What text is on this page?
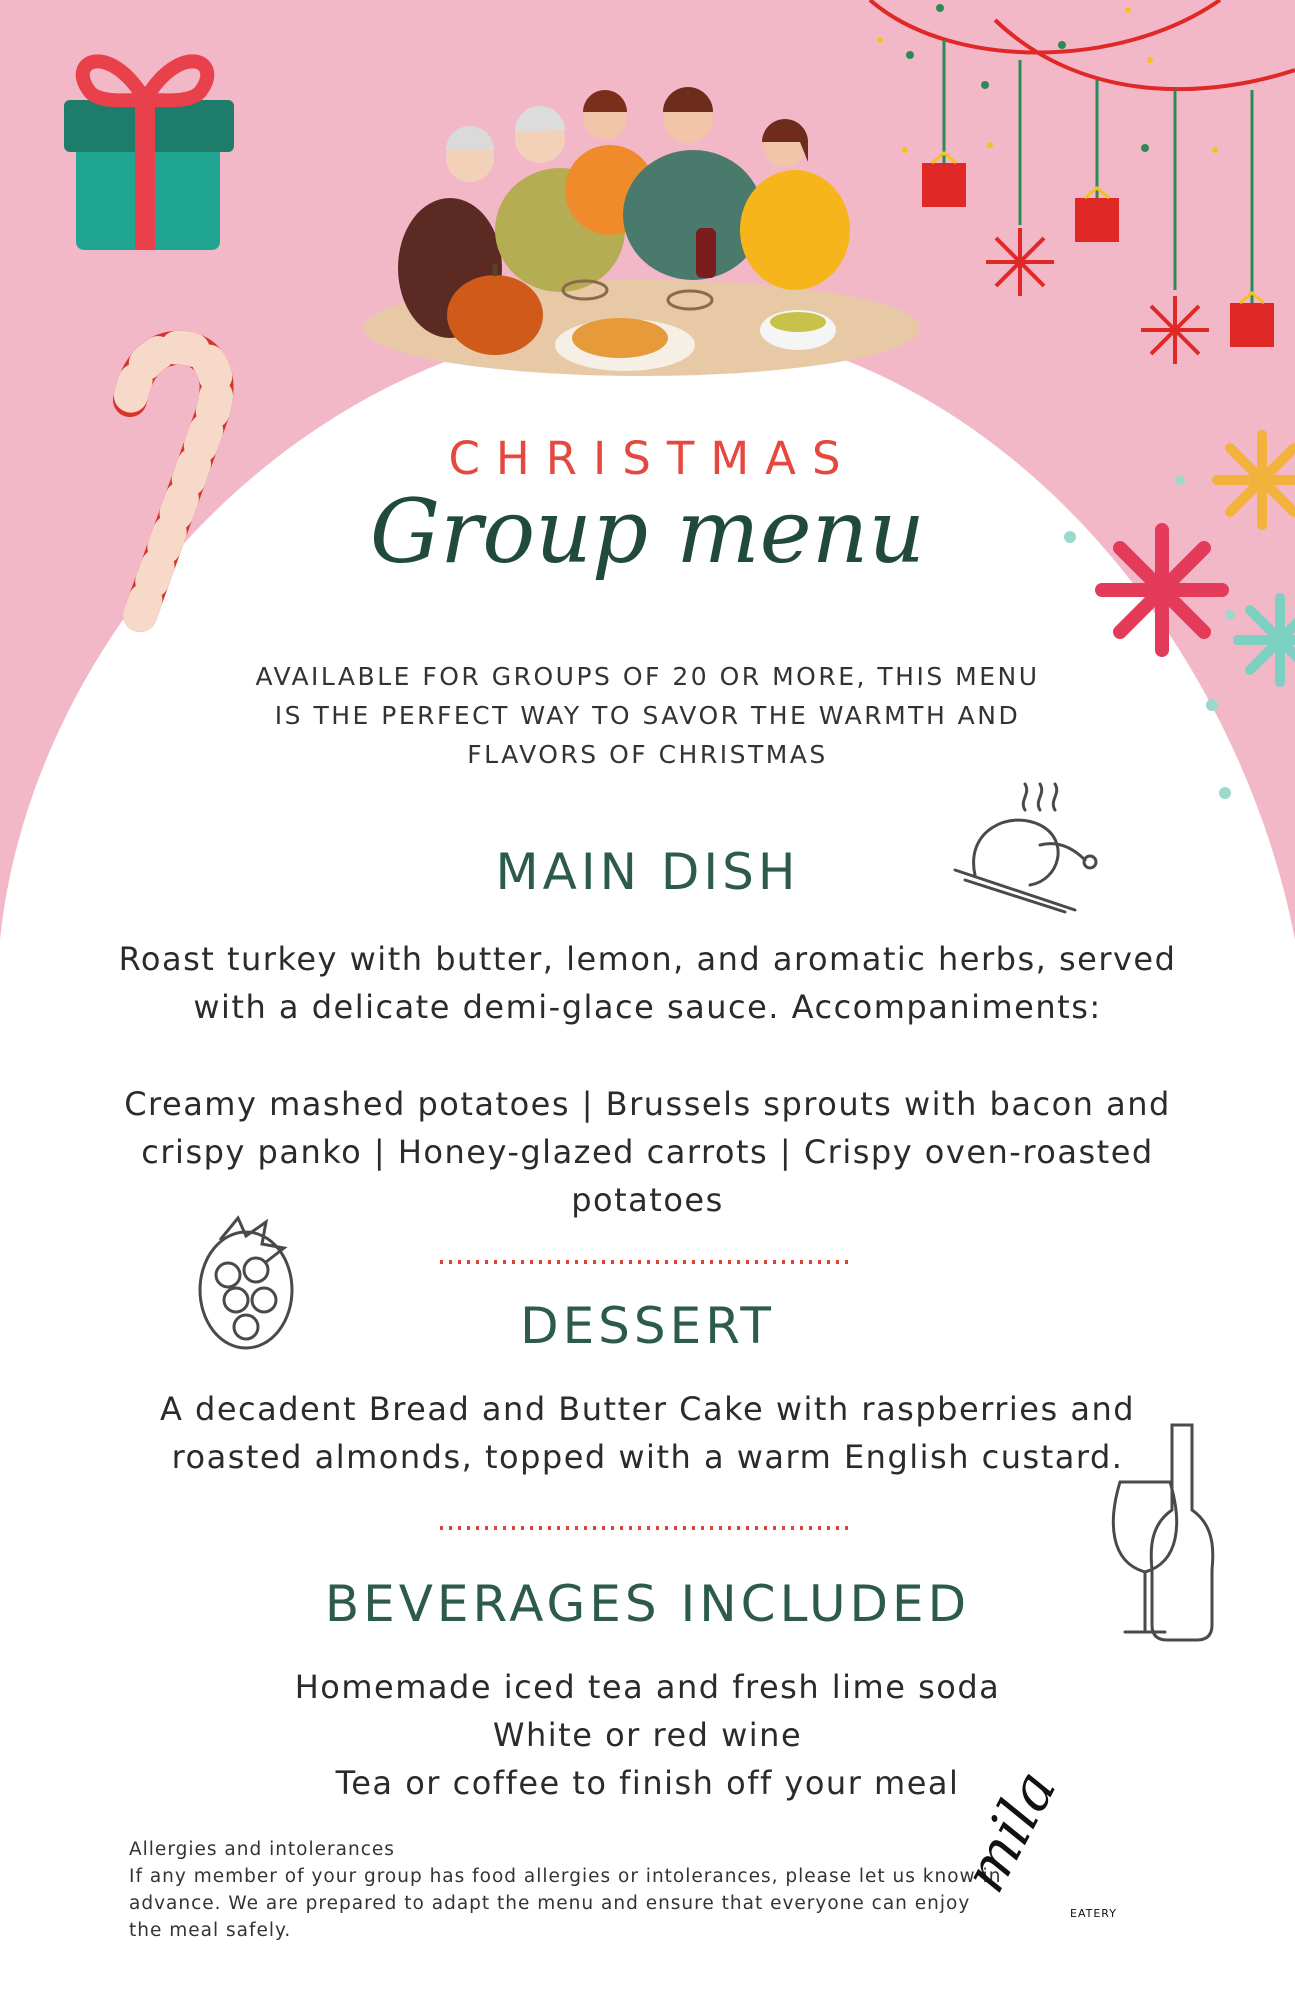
CHRISTMAS
Group menu
AVAILABLE FOR GROUPS OF 20 OR MORE, THIS MENU
IS THE PERFECT WAY TO SAVOR THE WARMTH AND
FLAVORS OF CHRISTMAS
MAIN DISH
Roast turkey with butter, lemon, and aromatic herbs, served
with a delicate demi-glace sauce. Accompaniments:
Creamy mashed potatoes | Brussels sprouts with bacon and
crispy panko | Honey-glazed carrots | Crispy oven-roasted
potatoes
DESSERT
A decadent Bread and Butter Cake with raspberries and
roasted almonds, topped with a warm English custard.
BEVERAGES INCLUDED
Homemade iced tea and fresh lime soda
White or red wine
Tea or coffee to finish off your meal

Allergies and intolerances

If any member of your group has food allergies or intolerances, please let us know in

advance. We are prepared to adapt the menu and ensure that everyone can enjoy

the meal safely.

mila
EATERY
